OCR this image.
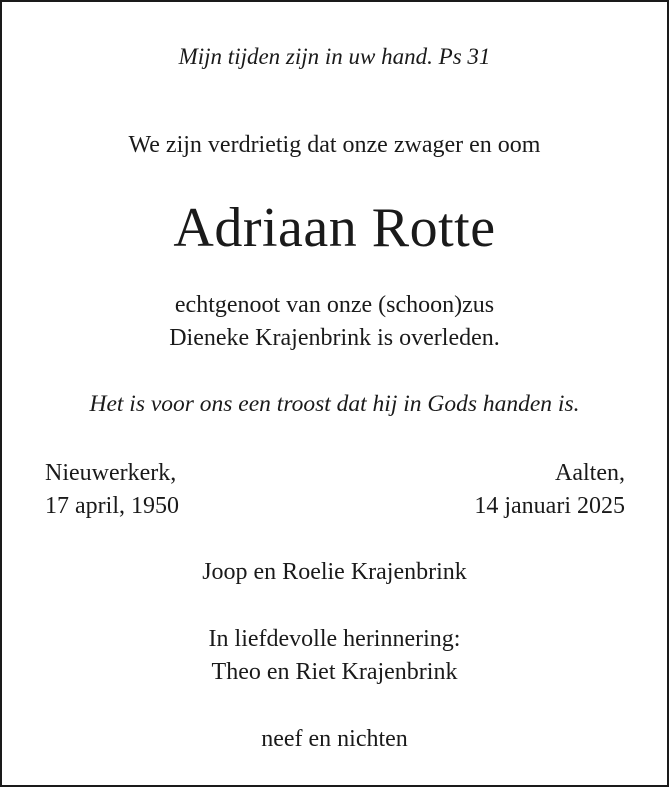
Mijn tijden zijn in uw hand. Ps 31
We zijn verdrietig dat onze zwager en oom
Adriaan Rotte
echtgenoot van onze (schoon)zus
Dieneke Krajenbrink is overleden.
Het is voor ons een troost dat hij in Gods handen is.
Nieuwerkerk,
17 april, 1950
Aalten,
14 januari 2025
Joop en Roelie Krajenbrink
In liefdevolle herinnering:
Theo en Riet Krajenbrink
neef en nichten
